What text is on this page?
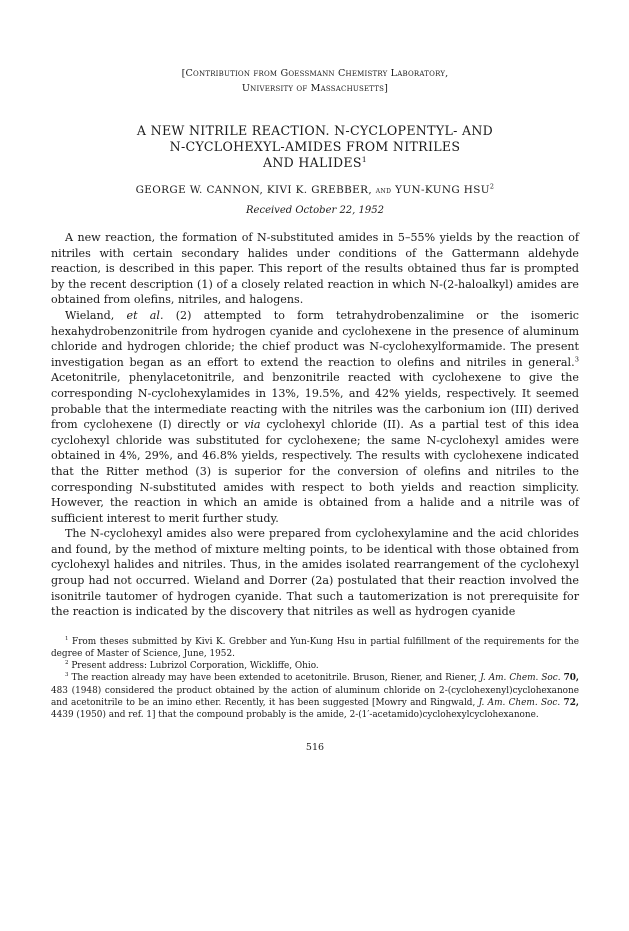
[Contribution from Goessmann Chemistry Laboratory,
University of Massachusetts]
A NEW NITRILE REACTION. N-CYCLOPENTYL- AND
N-CYCLOHEXYL-AMIDES FROM NITRILES
AND HALIDES$^1$
GEORGE W. CANNON, KIVI K. GREBBER, and YUN-KUNG HSU$^2$
Received October 22, 1952

A new reaction, the formation of N-substituted amides in 5–55% yields by the reaction of nitriles with certain secondary halides under conditions of the Gattermann aldehyde reaction, is described in this paper. This report of the results obtained thus far is prompted by the recent description (1) of a closely related reaction in which N-(2-haloalkyl) amides are obtained from olefins, nitriles, and halogens.

Wieland, et al. (2) attempted to form tetrahydrobenzalimine or the isomeric hexahydrobenzonitrile from hydrogen cyanide and cyclohexene in the presence of aluminum chloride and hydrogen chloride; the chief product was N-cyclohexylformamide. The present investigation began as an effort to extend the reaction to olefins and nitriles in general.$^3$ Acetonitrile, phenylacetonitrile, and benzonitrile reacted with cyclohexene to give the corresponding N-cyclohexylamides in 13%, 19.5%, and 42% yields, respectively. It seemed probable that the intermediate reacting with the nitriles was the carbonium ion (III) derived from cyclohexene (I) directly or via cyclohexyl chloride (II). As a partial test of this idea cyclohexyl chloride was substituted for cyclohexene; the same N-cyclohexyl amides were obtained in 4%, 29%, and 46.8% yields, respectively. The results with cyclohexene indicated that the Ritter method (3) is superior for the conversion of olefins and nitriles to the corresponding N-substituted amides with respect to both yields and reaction simplicity. However, the reaction in which an amide is obtained from a halide and a nitrile was of sufficient interest to merit further study.

The N-cyclohexyl amides also were prepared from cyclohexylamine and the acid chlorides and found, by the method of mixture melting points, to be identical with those obtained from cyclohexyl halides and nitriles. Thus, in the amides isolated rearrangement of the cyclohexyl group had not occurred. Wieland and Dorrer (2a) postulated that their reaction involved the isonitrile tautomer of hydrogen cyanide. That such a tautomerization is not prerequisite for the reaction is indicated by the discovery that nitriles as well as hydrogen cyanide

$^1$ From theses submitted by Kivi K. Grebber and Yun-Kung Hsu in partial fulfillment of the requirements for the degree of Master of Science, June, 1952.

$^2$ Present address: Lubrizol Corporation, Wickliffe, Ohio.

$^3$ The reaction already may have been extended to acetonitrile. Bruson, Riener, and Riener, J. Am. Chem. Soc. 70, 483 (1948) considered the product obtained by the action of aluminum chloride on 2-(cyclohexenyl)cyclohexanone and acetonitrile to be an imino ether. Recently, it has been suggested [Mowry and Ringwald, J. Am. Chem. Soc. 72, 4439 (1950) and ref. 1] that the compound probably is the amide, 2-(1′-acetamido)cyclohexylcyclohexanone.

516
